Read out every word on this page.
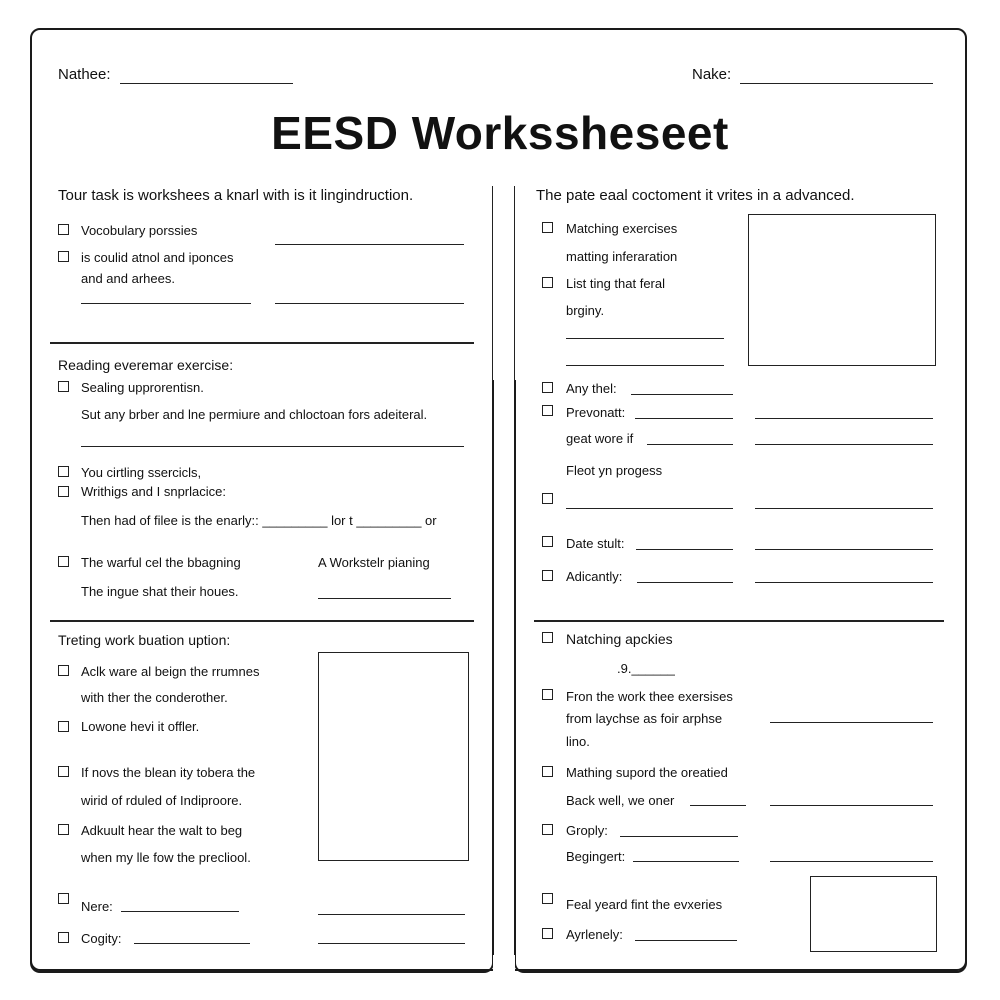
Nathee:	Nake:
EESD Workssheseet
Tour task is workshees a knarl with is it lingindruction.
Vocobulary porssies
is coulid atnol and iponces
and and arhees.
Reading everemar exercise:
Sealing upprorentisn.
Sut any brber and lne permiure and chloctoan fors adeiteral.
You cirtling ssercicls,
Writhigs and I snprlacice:
Then had of filee is the enarly:: _________ lor t _________ or
The warful cel the bbagning	A Workstelr pianing
The ingue shat their houes.
Treting work buation uption:
Aclk ware al beign the rrumnes
with ther the conderother.
Lowone hevi it offler.
If novs the blean ity tobera the
wirid of rduled of Indiproore.
Adkuult hear the walt to beg
when my lle fow the precliool.
Nere:
Cogity:
The pate eaal coctoment it vrites in a advanced.
Matching exercises
matting inferaration
List ting that feral
brginy.
Any thel:
Prevonatt:
geat wore if
Fleot yn progess
Date stult:
Adicantly:
Natching apckies
.9.______
Fron the work thee exersises
from laychse as foir arphse
lino.
Mathing supord the oreatied
Back well, we oner
Groply:
Begingert:
Feal yeard fint the evxeries
Ayrlenely:
